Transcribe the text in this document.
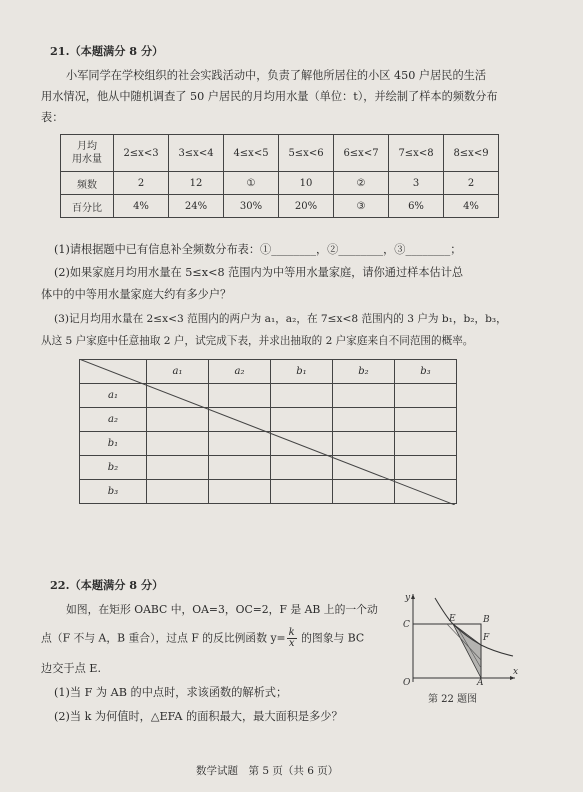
21.（本题满分 8 分）
小军同学在学校组织的社会实践活动中，负责了解他所居住的小区 450 户居民的生活
用水情况，他从中随机调查了 50 户居民的月均用水量（单位：t），并绘制了样本的频数分布
表：
月均
用水量	2≤x<3	3≤x<4	4≤x<5	5≤x<6	6≤x<7	7≤x<8	8≤x<9
频数	2	12	①	10	②	3	2
百分比	4%	24%	30%	20%	③	6%	4%
(1)请根据题中已有信息补全频数分布表：①________，②________，③________；
(2)如果家庭月均用水量在 5≤x<8 范围内为中等用水量家庭，请你通过样本估计总
体中的中等用水量家庭大约有多少户？
(3)记月均用水量在 2≤x<3 范围内的两户为 a₁，a₂，在 7≤x<8 范围内的 3 户为 b₁，b₂，b₃，
从这 5 户家庭中任意抽取 2 户，试完成下表，并求出抽取的 2 户家庭来自不同范围的概率。
	a₁	a₂	b₁	b₂	b₃
a₁					
a₂					
b₁					
b₂					
b₃					
22.（本题满分 8 分）
如图，在矩形 OABC 中，OA=3，OC=2，F 是 AB 上的一个动
点（F 不与 A，B 重合），过点 F 的反比例函数 $y= \frac{k}{x}$ 的图象与 BC
边交于点 E.
(1)当 F 为 AB 的中点时，求该函数的解析式；
(2)当 k 为何值时，△EFA 的面积最大，最大面积是多少？
y
x
O	A
B
C
E
F
第 22 题图
数学试题　第 5 页（共 6 页）
